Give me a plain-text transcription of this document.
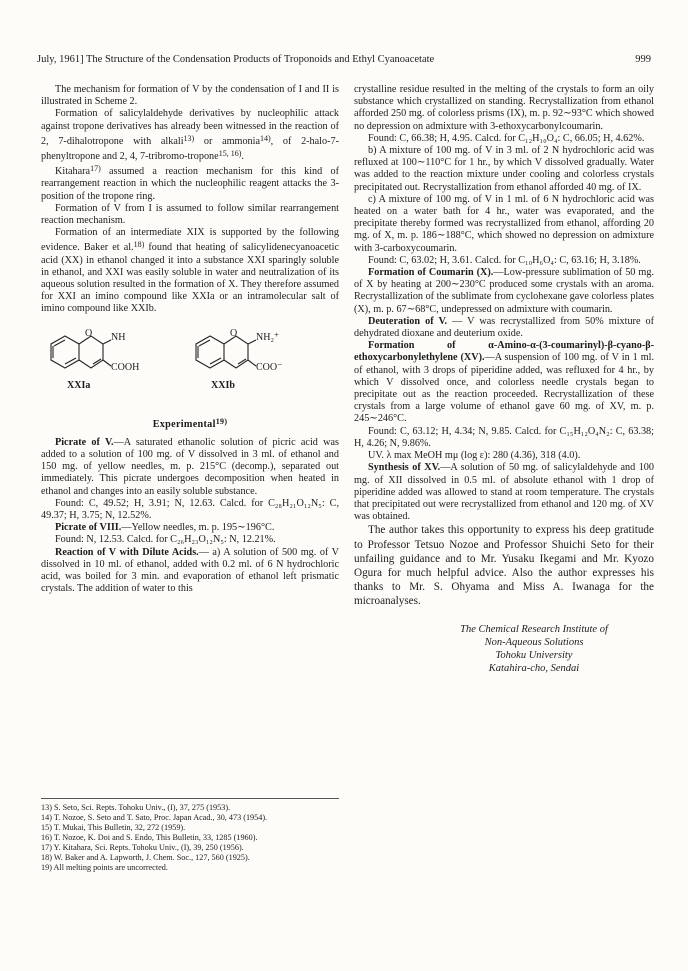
July, 1961] The Structure of the Condensation Products of Troponoids and Ethyl Cyanoacetate	999

The mechanism for formation of V by the condensation of I and II is illustrated in Scheme 2.

Formation of salicylaldehyde derivatives by nucleophilic attack against tropone derivatives has already been witnessed in the reaction of 2, 7-dihalotropone with alkali$^{13)}$ or ammonia$^{14)}$, of 2-halo-7-phenyltropone and 2, 4, 7-tribromo-tropone$^{15, 16)}$.

Kitahara$^{17)}$ assumed a reaction mechanism for this kind of rearrangement reaction in which the nucleophilic reagent attacks the 3-position of the tropone ring.

Formation of V from I is assumed to follow similar rearrangement reaction mechanism.

Formation of an intermediate XIX is supported by the following evidence. Baker et al.$^{18)}$ found that heating of salicylidenecyanoacetic acid (XX) in ethanol changed it into a substance XXI sparingly soluble in ethanol, and XXI was easily soluble in water and neutralization of its aqueous solution resulted in the formation of X. They therefore assumed for XXI an imino compound like XXIa or an intramolecular salt of imino compound like XXIb.

O NH
COOH
XXIa
O NH₂⁺
COO⁻
XXIb
Experimental$^{19)}$

Picrate of V.—A saturated ethanolic solution of picric acid was added to a solution of 100 mg. of V dissolved in 3 ml. of ethanol and 150 mg. of yellow needles, m. p. 215°C (decomp.), separated out immediately. This picrate undergoes decomposition when heated in ethanol and changes into an easily soluble substance.

Found: C, 49.52; H, 3.91; N, 12.63. Calcd. for C₂₈H₂₁O₁₂N₅: C, 49.37; H, 3.75; N, 12.52%.

Picrate of VIII.—Yellow needles, m. p. 195∼196°C.

Found: N, 12.53. Calcd. for C₂₆H₂₃O₁₂N₅: N, 12.21%.

Reaction of V with Dilute Acids.— a) A solution of 500 mg. of V dissolved in 10 ml. of ethanol, added with 0.2 ml. of 6 N hydrochloric acid, was boiled for 3 min. and evaporation of ethanol left prismatic crystals. The addition of water to this

13) S. Seto, Sci. Repts. Tohoku Univ., (I), 37, 275 (1953).
14) T. Nozoe, S. Seto and T. Sato, Proc. Japan Acad., 30, 473 (1954).
15) T. Mukai, This Bulletin, 32, 272 (1959).
16) T. Nozoe, K. Doi and S. Endo, This Bulletin, 33, 1285 (1960).
17) Y. Kitahara, Sci. Repts. Tohoku Univ., (I), 39, 250 (1956).
18) W. Baker and A. Lapworth, J. Chem. Soc., 127, 560 (1925).
19) All melting points are uncorrected.

crystalline residue resulted in the melting of the crystals to form an oily substance which crystallized on standing. Recrystallization from ethanol afforded 250 mg. of colorless prisms (IX), m. p. 92∼93°C which showed no depression on admixture with 3-ethoxycarbonylcoumarin.

Found: C, 66.38; H, 4.95. Calcd. for C₁₂H₁₀O₄: C, 66.05; H, 4.62%.

b) A mixture of 100 mg. of V in 3 ml. of 2 N hydrochloric acid was refluxed at 100∼110°C for 1 hr., by which V dissolved gradually. Water was added to the reaction mixture under cooling and colorless crystals precipitated out. Recrystallization from ethanol afforded 40 mg. of IX.

c) A mixture of 100 mg. of V in 1 ml. of 6 N hydrochloric acid was heated on a water bath for 4 hr., water was evaporated, and the precipitate thereby formed was recrystallized from ethanol, affording 20 mg. of X, m. p. 186∼188°C, which showed no depression on admixture with 3-carboxycoumarin.

Found: C, 63.02; H, 3.61. Calcd. for C₁₀H₆O₄: C, 63.16; H, 3.18%.

Formation of Coumarin (X).—Low-pressure sublimation of 50 mg. of X by heating at 200∼230°C produced some crystals with an aroma. Recrystallization of the sublimate from cyclohexane gave colorless plates (X), m. p. 67∼68°C, undepressed on admixture with coumarin.

Deuteration of V. — V was recrystallized from 50% mixture of dehydrated dioxane and deuterium oxide.

Formation of α-Amino-α-(3-coumarinyl)-β-cyano-β-ethoxycarbonylethylene (XV).—A suspension of 100 mg. of V in 1 ml. of ethanol, with 3 drops of piperidine added, was refluxed for 4 hr., by which V dissolved once, and colorless needle crystals began to precipitate out as the reaction proceeded. Recrystallization of these crystals from a large volume of ethanol gave 60 mg. of XV, m. p. 245∼246°C.

Found: C, 63.12; H, 4.34; N, 9.85. Calcd. for C₁₅H₁₂O₄N₂: C, 63.38; H, 4.26; N, 9.86%.

UV. λ max MeOH mμ (log ε): 280 (4.36), 318 (4.0).

Synthesis of XV.—A solution of 50 mg. of salicylaldehyde and 100 mg. of XII dissolved in 0.5 ml. of absolute ethanol with 1 drop of piperidine added was allowed to stand at room temperature. The crystals that precipitated out were recrystallized from ethanol and 120 mg. of XV was obtained.

The author takes this opportunity to express his deep gratitude to Professor Tetsuo Nozoe and Professor Shuichi Seto for their unfailing guidance and to Mr. Yusaku Ikegami and Mr. Kyozo Ogura for much helpful advice. Also the author expresses his thanks to Mr. S. Ohyama and Miss A. Iwanaga for the microanalyses.

The Chemical Research Institute of
Non-Aqueous Solutions
Tohoku University
Katahira-cho, Sendai
